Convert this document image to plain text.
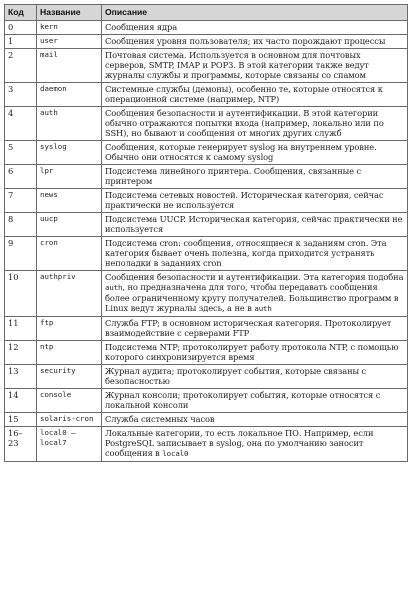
Код	Название	Описание
0	kern	Сообщения ядра
1	user	Сообщения уровня пользователя; их часто порождают процессы
2	mail	Почтовая система. Используется в основном для почтовых серверов, SMTP, IMAP и POP3. В этой категории также ведут журналы службы и программы, которые связаны со спамом
3	daemon	Системные службы (демоны), особенно те, которые относятся к операционной системе (например, NTP)
4	auth	Сообщения безопасности и аутентификации. В этой категории обычно отражаются попытки входа (например, локально или по SSH), но бывают и сообщения от многих других служб
5	syslog	Сообщения, которые генерирует syslog на внутреннем уровне. Обычно они относятся к самому syslog
6	lpr	Подсистема линейного принтера. Сообщения, связанные с принтером
7	news	Подсистема сетевых новостей. Историческая категория, сейчас практически не используется
8	uucp	Подсистема UUCP. Историческая категория, сейчас практически не используется
9	cron	Подсистема cron: сообщения, относящиеся к заданиям cron. Эта категория бывает очень полезна, когда приходится устранять неполадки в заданиях cron
10	authpriv	Сообщения безопасности и аутентификации. Эта категория подобна auth, но предназначена для того, чтобы передавать сообщения более ограниченному кругу получателей. Большинство программ в Linux ведут журналы здесь, а не в auth
11	ftp	Служба FTP; в основном историческая категория. Протоколирует взаимодействие с серверами FTP
12	ntp	Подсистема NTP; протоколирует работу протокола NTP, с помощью которого синхронизируется время
13	security	Журнал аудита; протоколирует события, которые связаны с безопасностью
14	console	Журнал консоли; протоколирует события, которые относятся с локальной консоли
15	solaris-cron	Служба системных часов
16–23	local0 — local7	Локальные категории, то есть локальное ПО. Например, если PostgreSQL записывает в syslog, она по умолчанию заносит сообщения в local0
